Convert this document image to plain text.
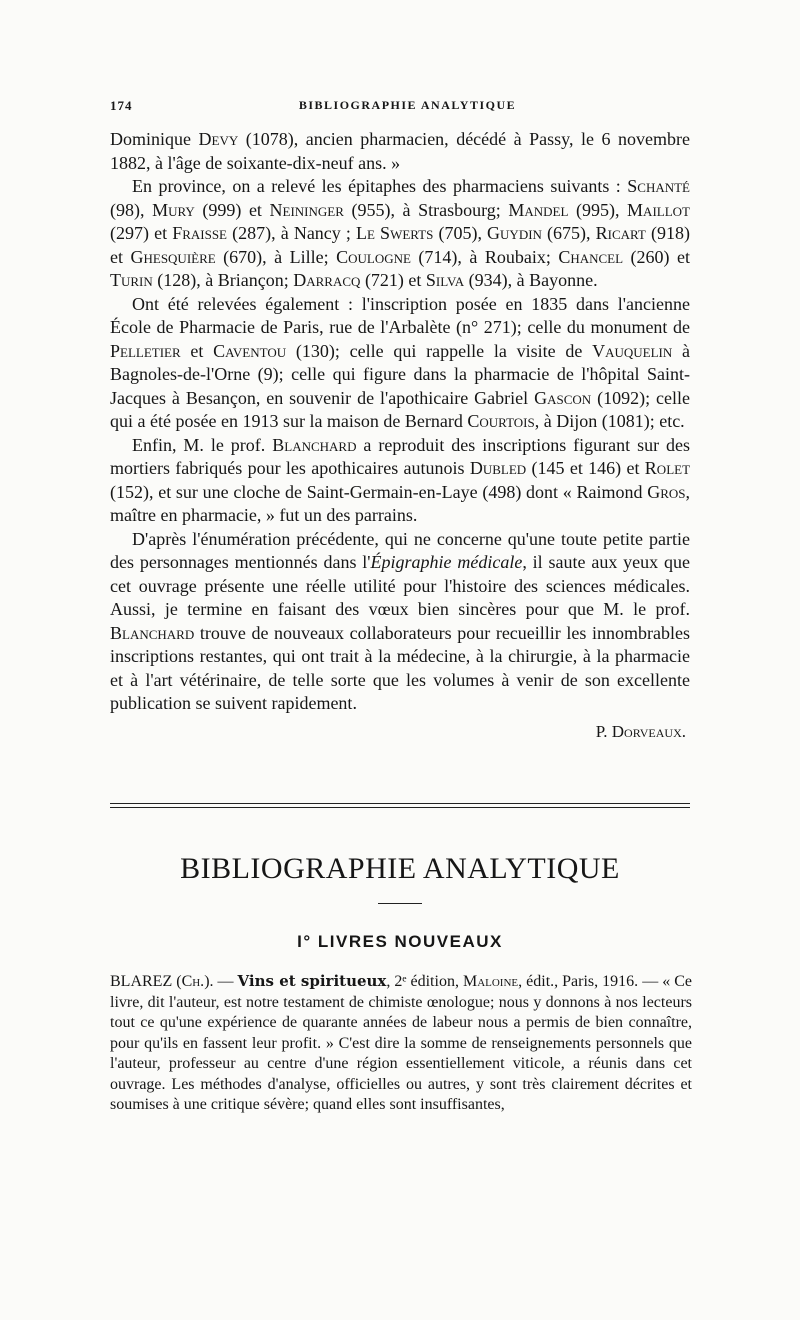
174	BIBLIOGRAPHIE ANALYTIQUE

Dominique Devy (1078), ancien pharmacien, décédé à Passy, le 6 novembre 1882, à l'âge de soixante-dix-neuf ans. »

En province, on a relevé les épitaphes des pharmaciens suivants : Schanté (98), Mury (999) et Neininger (955), à Strasbourg; Mandel (995), Maillot (297) et Fraisse (287), à Nancy ; Le Swerts (705), Guydin (675), Ricart (918) et Ghesquière (670), à Lille; Coulogne (714), à Roubaix; Chancel (260) et Turin (128), à Briançon; Darracq (721) et Silva (934), à Bayonne.

Ont été relevées également : l'inscription posée en 1835 dans l'ancienne École de Pharmacie de Paris, rue de l'Arbalète (n° 271); celle du monument de Pelletier et Caventou (130); celle qui rappelle la visite de Vauquelin à Bagnoles-de-l'Orne (9); celle qui figure dans la pharmacie de l'hôpital Saint-Jacques à Besançon, en souvenir de l'apothicaire Gabriel Gascon (1092); celle qui a été posée en 1913 sur la maison de Bernard Courtois, à Dijon (1081); etc.

Enfin, M. le prof. Blanchard a reproduit des inscriptions figurant sur des mortiers fabriqués pour les apothicaires autunois Dubled (145 et 146) et Rolet (152), et sur une cloche de Saint-Germain-en-Laye (498) dont « Raimond Gros, maître en pharmacie, » fut un des parrains.

D'après l'énumération précédente, qui ne concerne qu'une toute petite partie des personnages mentionnés dans l'Épigraphie médicale, il saute aux yeux que cet ouvrage présente une réelle utilité pour l'histoire des sciences médicales. Aussi, je termine en faisant des vœux bien sincères pour que M. le prof. Blanchard trouve de nouveaux collaborateurs pour recueillir les innombrables inscriptions restantes, qui ont trait à la médecine, à la chirurgie, à la pharmacie et à l'art vétérinaire, de telle sorte que les volumes à venir de son excellente publication se suivent rapidement.

P. Dorveaux.
BIBLIOGRAPHIE ANALYTIQUE
I° LIVRES NOUVEAUX

BLAREZ (Ch.). — Vins et spiritueux, 2ᵉ édition, Maloine, édit., Paris, 1916. — « Ce livre, dit l'auteur, est notre testament de chimiste œnologue; nous y donnons à nos lecteurs tout ce qu'une expérience de quarante années de labeur nous a permis de bien connaître, pour qu'ils en fassent leur profit. » C'est dire la somme de renseignements personnels que l'auteur, professeur au centre d'une région essentiellement viticole, a réunis dans cet ouvrage. Les méthodes d'analyse, officielles ou autres, y sont très clairement décrites et soumises à une critique sévère; quand elles sont insuffisantes,
